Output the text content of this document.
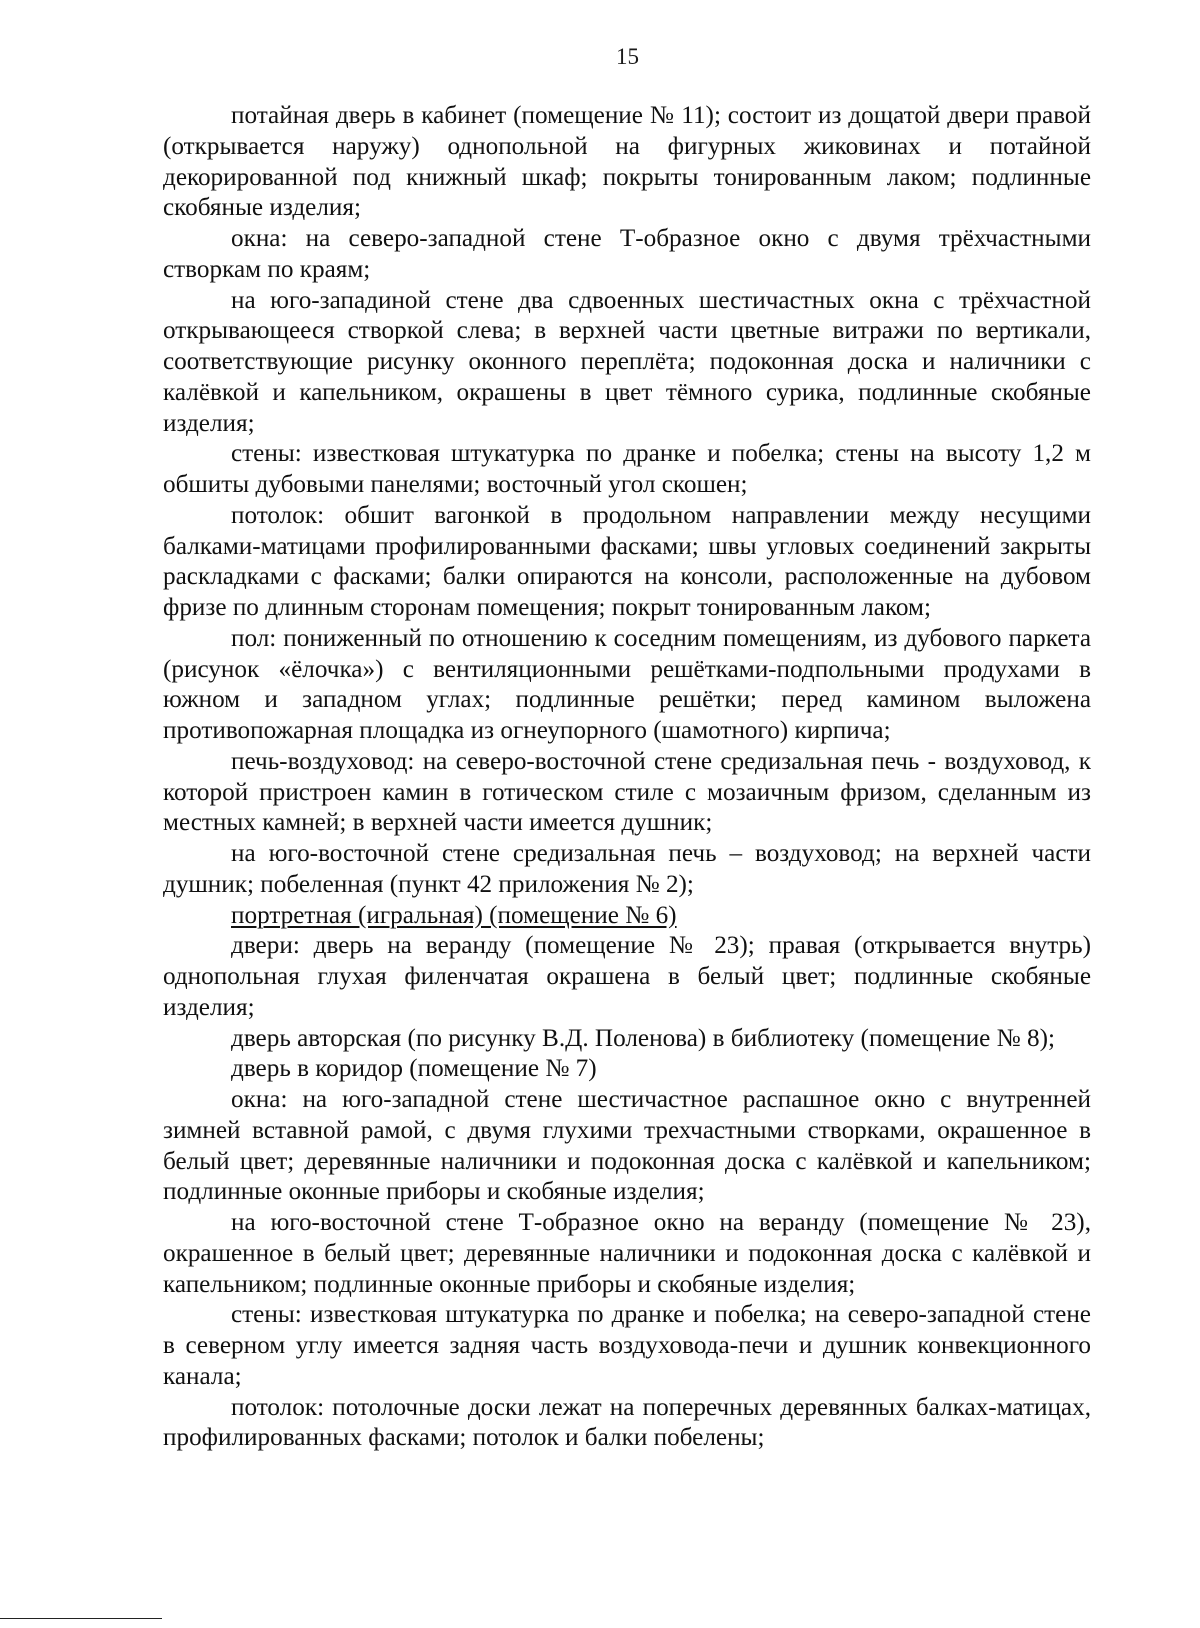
15

потайная дверь в кабинет (помещение № 11); состоит из дощатой двери правой (открывается наружу) однопольной на фигурных жиковинах и потайной декорированной под книжный шкаф; покрыты тонированным лаком; подлинные скобяные изделия;

окна: на северо-западной стене Т-образное окно с двумя трёхчастными створкам по краям;

на юго-западиной стене два сдвоенных шестичастных окна с трёхчастной открывающееся створкой слева; в верхней части цветные витражи по вертикали, соответствующие рисунку оконного переплёта; подоконная доска и наличники с калёвкой и капельником, окрашены в цвет тёмного сурика, подлинные скобяные изделия;

стены: известковая штукатурка по дранке и побелка; стены на высоту 1,2 м обшиты дубовыми панелями; восточный угол скошен;

потолок: обшит вагонкой в продольном направлении между несущими балками-матицами профилированными фасками; швы угловых соединений закрыты раскладками с фасками; балки опираются на консоли, расположенные на дубовом фризе по длинным сторонам помещения; покрыт тонированным лаком;

пол: пониженный по отношению к соседним помещениям, из дубового паркета (рисунок «ёлочка») с вентиляционными решётками-подпольными продухами в южном и западном углах; подлинные решётки; перед камином выложена противопожарная площадка из огнеупорного (шамотного) кирпича;

печь-воздуховод: на северо-восточной стене средизальная печь - воздуховод, к которой пристроен камин в готическом стиле с мозаичным фризом, сделанным из местных камней; в верхней части имеется душник;

на юго-восточной стене средизальная печь – воздуховод; на верхней части душник; побеленная (пункт 42 приложения № 2);

портретная (игральная) (помещение № 6)

двери: дверь на веранду (помещение № 23); правая (открывается внутрь) однопольная глухая филенчатая окрашена в белый цвет; подлинные скобяные изделия;

дверь авторская (по рисунку В.Д. Поленова) в библиотеку (помещение № 8);

дверь в коридор (помещение № 7)

окна: на юго-западной стене шестичастное распашное окно с внутренней зимней вставной рамой, с двумя глухими трехчастными створками, окрашенное в белый цвет; деревянные наличники и подоконная доска с калёвкой и капельником; подлинные оконные приборы и скобяные изделия;

на юго-восточной стене Т-образное окно на веранду (помещение № 23), окрашенное в белый цвет; деревянные наличники и подоконная доска с калёвкой и капельником; подлинные оконные приборы и скобяные изделия;

стены: известковая штукатурка по дранке и побелка; на северо-западной стене в северном углу имеется задняя часть воздуховода-печи и душник конвекционного канала;

потолок: потолочные доски лежат на поперечных деревянных балках-матицах, профилированных фасками; потолок и балки побелены;
